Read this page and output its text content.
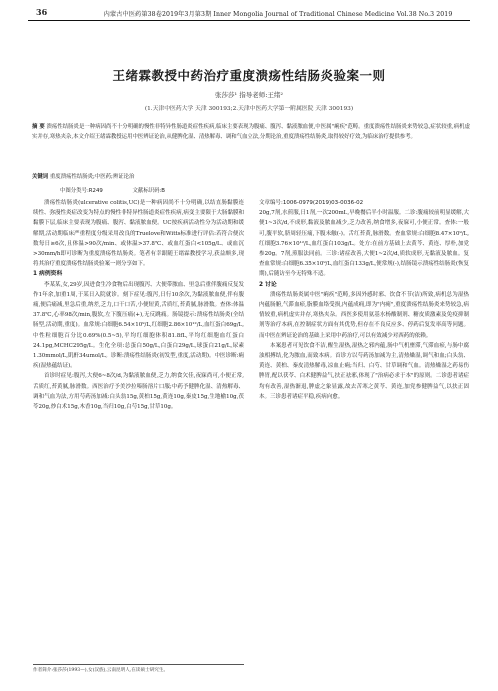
36	内蒙古中医药第38卷2019年3月第3期 Inner Mongolia Journal of Traditional Chinese Medicine Vol.38 No.3 2019
王绪霖教授中药治疗重度溃疡性结肠炎验案一则
张莎莎¹ 指导老师:王绪²
(1.天津中医药大学 天津 300193;2.天津中医药大学第一附属医院 天津 300193)
摘 要 溃疡性结肠炎是一种病因尚不十分明确的慢性非特异性肠道炎症性疾病,临床主要表现为腹痛、腹泻、黏液脓血便,中医属"痢疾"范畴。重度溃疡性结肠炎来势较急,症状较重,病机虚实并存,寒热夹杂,本文介绍王绪霖教授运用中医辨证论治,从健脾化湿、清热解毒、调和气血立法,分期论治,重度溃疡性结肠炎,取得较好疗效,为临床治疗提供参考。
关键词 重度溃疡性结肠炎;中医药;辨证论治
中图分类号:R249	文献标识码:B

溃疡性结肠炎(ulcerative colitis,UC)是一种病因尚不十分明确,以结直肠黏膜连续性、弥漫性炎症改变为特点的慢性非特异性肠道炎症性疾病,病变主要限于大肠黏膜和黏膜下层,临床主要表现为腹痛、腹泻、黏液脓血便。UC按疾病活动性分为活动期和缓解期,活动期临床严重程度分级采用改良的Truelove和Witts标准进行评估:若符合便次数每日≥6次,且体温>90次/min、或体温>37.8℃、或血红蛋白<105g/L、或血沉>30mm/h即可诊断为重度溃疡性结肠炎。笔者有幸跟随王绪霖教授学习,获益颇多,现将其治疗重度溃疡性结肠炎验案一则分享如下。

1 病例资料

李某某,女,29岁,因进食生冷食物后出现腹泻、大便带脓血、里急后重伴腹痛反复发作1年余,加重1周,于某日入院就诊。刻下症见:腹泻,日行10余次,为黏液脓血便,伴有腹痛,便后痛减,里急后重,纳差,乏力,口干口苦,小便短黄,舌质红,苔黄腻,脉滑数。查体:体温37.8℃,心率98次/min,腹软,左下腹压痛(+),无反跳痛。肠镜提示:溃疡性结肠炎(全结肠型,活动期,重度)。血常规:白细胞6.54×10⁹/L,红细胞2.86×10¹²/L,血红蛋白69g/L,中性粒细胞百分比0.69%(0.5~5),平均红细胞体积81.8fL,平均红细胞血红蛋白24.1pg,MCHC295g/L。生化全项:总蛋白50g/L,白蛋白29g/L,球蛋白21g/L,尿素1.30mmol/L,肌酐34umol/L。诊断:溃疡性结肠炎(初发型,重度,活动期)。中医诊断:痢疾(湿热蕴结证)。

首诊时症见:腹泻,大便6~8次/d,为黏液脓血便,乏力,纳食欠佳,夜寐尚可,小便正常,舌质红,苔黄腻,脉滑数。西医治疗予美沙拉嗪肠溶片口服;中药予健脾化湿、清热解毒、调和气血为法,方用芍药汤加减:白头翁15g,黄柏15g,黄连10g,秦皮15g,生地榆10g,茯苓20g,炒白术15g,木香10g,当归10g,白芍15g,甘草10g。

文章编号:1006-0979(2019)03-0036-02

20g,7剂,水煎服,日1剂,一次200mL,早晚餐后半小时温服。二诊:腹痛较前明显缓解,大便1~3次/d,不成形,黏液及脓血减少,乏力改善,纳食增多,夜寐可,小便正常。查体:一般可,腹平软,脐周轻压痛,下腹未触(-)。舌红苔黄,脉滑数。查血常规:白细胞8.47×10⁹/L,红细胞3.76×10¹²/L,血红蛋白103g/L。处方:在前方基础上去黄芩、黄连、厚朴,加党参20g。7剂,煎服法同前。三诊:诸症改善,大便1~2次/d,质软成形,无黏液及脓血。复查血常规:白细胞6.35×10⁹/L,血红蛋白133g/L,便常规(-),结肠镜示溃疡性结肠炎(恢复期),后随访至今无特殊不适。

2 讨论

溃疡性结肠炎属中医"痢疾"范畴,多因外感时邪、饮食不节(洁)所致,病机总为湿热内蕴肠腑,气滞血瘀,脂膜血络受损,内蕴成痈,即为"内痈",重度溃疡性结肠炎来势较急,病情较重,病机虚实并存,寒热夹杂。西医多使用氨基水杨酸制剂、糖皮质激素及免疫抑制剂等治疗本病,在控制症状方面有其优势,但存在不良反应多、停药后复发率高等问题。而中医在辨证论治的基础上采用中药治疗,可以有效减少对西药的依赖。

本案患者可见饮食不洁,醒生湿热,湿热之邪内蕴,肠中气机壅滞,气滞血瘀,与肠中腐浊相搏结,化为脓血,而致本病。首诊方以芍药汤加减为主,清热燥湿,调气和血;白头翁、黄连、黄柏、秦皮清热解毒,凉血止痢;当归、白芍、甘草调和气血。清热燥湿之药易伤脾胃,配以茯苓、白术健脾益气,扶正祛邪,体现了"治病必求于本"的原则。二诊患者诸症均有改善,湿热渐退,脾虚之象显露,故去苦寒之黄芩、黄连,加党参健脾益气,以扶正固本。三诊患者诸症平稳,疾病向愈。

作者简介:张莎莎(1993—),女(汉族),云南昆明人,在读硕士研究生。
